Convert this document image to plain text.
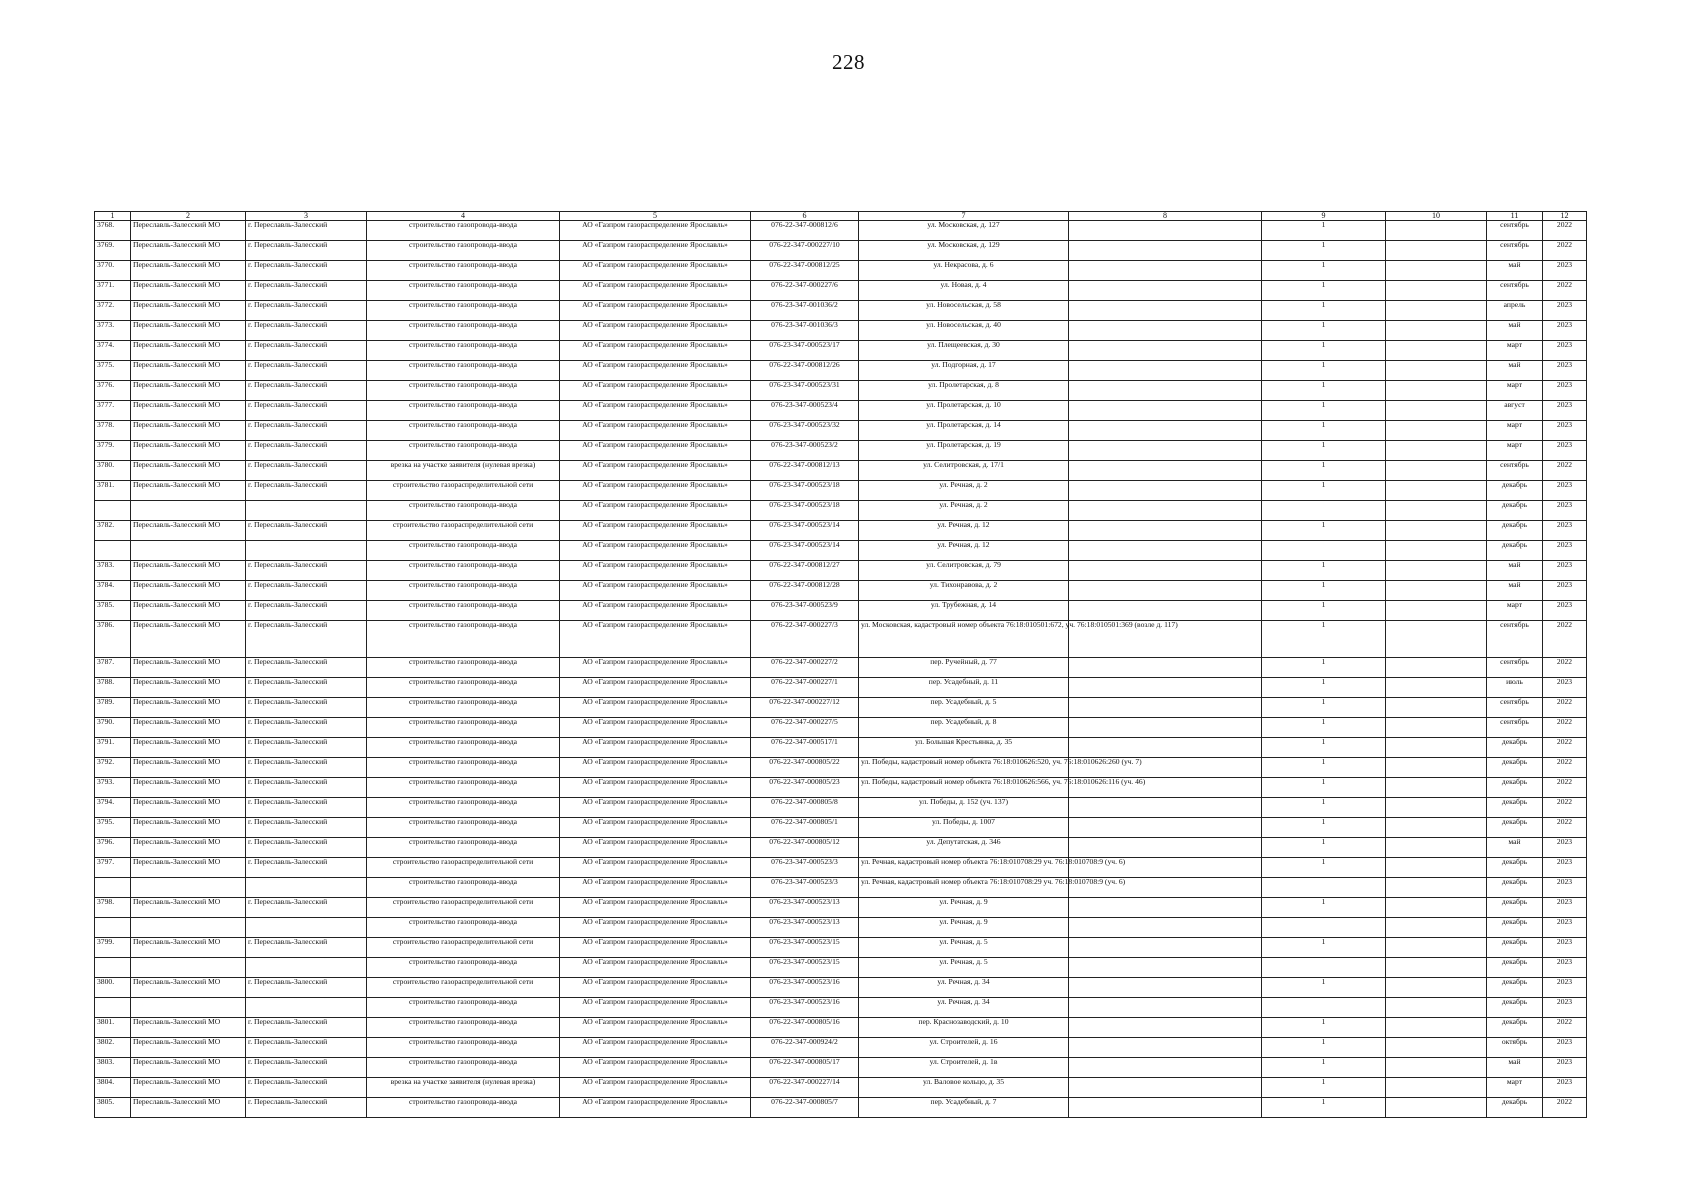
228
1	2	3	4	5	6	7	8	9	10	11	12
3768.	Переславль-Залесский МО	г. Переславль-Залесский	строительство газопровода-ввода	АО «Газпром газораспределение Ярославль»	076-22-347-000812/6	ул. Московская, д. 127		1		сентябрь	2022
3769.	Переславль-Залесский МО	г. Переславль-Залесский	строительство газопровода-ввода	АО «Газпром газораспределение Ярославль»	076-22-347-000227/10	ул. Московская, д. 129		1		сентябрь	2022
3770.	Переславль-Залесский МО	г. Переславль-Залесский	строительство газопровода-ввода	АО «Газпром газораспределение Ярославль»	076-22-347-000812/25	ул. Некрасова, д. 6		1		май	2023
3771.	Переславль-Залесский МО	г. Переславль-Залесский	строительство газопровода-ввода	АО «Газпром газораспределение Ярославль»	076-22-347-000227/6	ул. Новая, д. 4		1		сентябрь	2022
3772.	Переславль-Залесский МО	г. Переславль-Залесский	строительство газопровода-ввода	АО «Газпром газораспределение Ярославль»	076-23-347-001036/2	ул. Новосельская, д. 58		1		апрель	2023
3773.	Переславль-Залесский МО	г. Переславль-Залесский	строительство газопровода-ввода	АО «Газпром газораспределение Ярославль»	076-23-347-001036/3	ул. Новосельская, д. 40		1		май	2023
3774.	Переславль-Залесский МО	г. Переславль-Залесский	строительство газопровода-ввода	АО «Газпром газораспределение Ярославль»	076-23-347-000523/17	ул. Плещеевская, д. 30		1		март	2023
3775.	Переславль-Залесский МО	г. Переславль-Залесский	строительство газопровода-ввода	АО «Газпром газораспределение Ярославль»	076-22-347-000812/26	ул. Подгорная, д. 17		1		май	2023
3776.	Переславль-Залесский МО	г. Переславль-Залесский	строительство газопровода-ввода	АО «Газпром газораспределение Ярославль»	076-23-347-000523/31	ул. Пролетарская, д. 8		1		март	2023
3777.	Переславль-Залесский МО	г. Переславль-Залесский	строительство газопровода-ввода	АО «Газпром газораспределение Ярославль»	076-23-347-000523/4	ул. Пролетарская, д. 10		1		август	2023
3778.	Переславль-Залесский МО	г. Переславль-Залесский	строительство газопровода-ввода	АО «Газпром газораспределение Ярославль»	076-23-347-000523/32	ул. Пролетарская, д. 14		1		март	2023
3779.	Переславль-Залесский МО	г. Переславль-Залесский	строительство газопровода-ввода	АО «Газпром газораспределение Ярославль»	076-23-347-000523/2	ул. Пролетарская, д. 19		1		март	2023
3780.	Переславль-Залесский МО	г. Переславль-Залесский	врезка на участке заявителя (нулевая врезка)	АО «Газпром газораспределение Ярославль»	076-22-347-000812/13	ул. Селитровская, д. 17/1		1		сентябрь	2022
3781.	Переславль-Залесский МО	г. Переславль-Залесский	строительство газораспределительной сети	АО «Газпром газораспределение Ярославль»	076-23-347-000523/18	ул. Речная, д. 2		1		декабрь	2023
			строительство газопровода-ввода	АО «Газпром газораспределение Ярославль»	076-23-347-000523/18	ул. Речная, д. 2				декабрь	2023
3782.	Переславль-Залесский МО	г. Переславль-Залесский	строительство газораспределительной сети	АО «Газпром газораспределение Ярославль»	076-23-347-000523/14	ул. Речная, д. 12		1		декабрь	2023
			строительство газопровода-ввода	АО «Газпром газораспределение Ярославль»	076-23-347-000523/14	ул. Речная, д. 12				декабрь	2023
3783.	Переславль-Залесский МО	г. Переславль-Залесский	строительство газопровода-ввода	АО «Газпром газораспределение Ярославль»	076-22-347-000812/27	ул. Селитровская, д. 79		1		май	2023
3784.	Переславль-Залесский МО	г. Переславль-Залесский	строительство газопровода-ввода	АО «Газпром газораспределение Ярославль»	076-22-347-000812/28	ул. Тихонравова, д. 2		1		май	2023
3785.	Переславль-Залесский МО	г. Переславль-Залесский	строительство газопровода-ввода	АО «Газпром газораспределение Ярославль»	076-23-347-000523/9	ул. Трубежная, д. 14		1		март	2023
3786.	Переславль-Залесский МО	г. Переславль-Залесский	строительство газопровода-ввода	АО «Газпром газораспределение Ярославль»	076-22-347-000227/3	ул. Московская, кадастровый номер объекта 76:18:010501:672, уч. 76:18:010501:369 (возле д. 117)		1		сентябрь	2022
3787.	Переславль-Залесский МО	г. Переславль-Залесский	строительство газопровода-ввода	АО «Газпром газораспределение Ярославль»	076-22-347-000227/2	пер. Ручейный, д. 77		1		сентябрь	2022
3788.	Переславль-Залесский МО	г. Переславль-Залесский	строительство газопровода-ввода	АО «Газпром газораспределение Ярославль»	076-22-347-000227/1	пер. Усадебный, д. 11		1		июль	2023
3789.	Переславль-Залесский МО	г. Переславль-Залесский	строительство газопровода-ввода	АО «Газпром газораспределение Ярославль»	076-22-347-000227/12	пер. Усадебный, д. 5		1		сентябрь	2022
3790.	Переславль-Залесский МО	г. Переславль-Залесский	строительство газопровода-ввода	АО «Газпром газораспределение Ярославль»	076-22-347-000227/5	пер. Усадебный, д. 8		1		сентябрь	2022
3791.	Переславль-Залесский МО	г. Переславль-Залесский	строительство газопровода-ввода	АО «Газпром газораспределение Ярославль»	076-22-347-000517/1	ул. Большая Крестьянка, д. 35		1		декабрь	2022
3792.	Переславль-Залесский МО	г. Переславль-Залесский	строительство газопровода-ввода	АО «Газпром газораспределение Ярославль»	076-22-347-000805/22	ул. Победы, кадастровый номер объекта 76:18:010626:520, уч. 76:18:010626:260 (уч. 7)		1		декабрь	2022
3793.	Переславль-Залесский МО	г. Переславль-Залесский	строительство газопровода-ввода	АО «Газпром газораспределение Ярославль»	076-22-347-000805/23	ул. Победы, кадастровый номер объекта 76:18:010626:566, уч. 76:18:010626:116 (уч. 46)		1		декабрь	2022
3794.	Переславль-Залесский МО	г. Переславль-Залесский	строительство газопровода-ввода	АО «Газпром газораспределение Ярославль»	076-22-347-000805/8	ул. Победы, д. 152 (уч. 137)		1		декабрь	2022
3795.	Переславль-Залесский МО	г. Переславль-Залесский	строительство газопровода-ввода	АО «Газпром газораспределение Ярославль»	076-22-347-000805/1	ул. Победы, д. 1007		1		декабрь	2022
3796.	Переславль-Залесский МО	г. Переславль-Залесский	строительство газопровода-ввода	АО «Газпром газораспределение Ярославль»	076-22-347-000805/12	ул. Депутатская, д. 346		1		май	2023
3797.	Переславль-Залесский МО	г. Переславль-Залесский	строительство газораспределительной сети	АО «Газпром газораспределение Ярославль»	076-23-347-000523/3	ул. Речная, кадастровый номер объекта 76:18:010708:29 уч. 76:18:010708:9 (уч. 6)		1		декабрь	2023
			строительство газопровода-ввода	АО «Газпром газораспределение Ярославль»	076-23-347-000523/3	ул. Речная, кадастровый номер объекта 76:18:010708:29 уч. 76:18:010708:9 (уч. 6)				декабрь	2023
3798.	Переславль-Залесский МО	г. Переславль-Залесский	строительство газораспределительной сети	АО «Газпром газораспределение Ярославль»	076-23-347-000523/13	ул. Речная, д. 9		1		декабрь	2023
			строительство газопровода-ввода	АО «Газпром газораспределение Ярославль»	076-23-347-000523/13	ул. Речная, д. 9				декабрь	2023
3799.	Переславль-Залесский МО	г. Переславль-Залесский	строительство газораспределительной сети	АО «Газпром газораспределение Ярославль»	076-23-347-000523/15	ул. Речная, д. 5		1		декабрь	2023
			строительство газопровода-ввода	АО «Газпром газораспределение Ярославль»	076-23-347-000523/15	ул. Речная, д. 5				декабрь	2023
3800.	Переславль-Залесский МО	г. Переславль-Залесский	строительство газораспределительной сети	АО «Газпром газораспределение Ярославль»	076-23-347-000523/16	ул. Речная, д. 34		1		декабрь	2023
			строительство газопровода-ввода	АО «Газпром газораспределение Ярославль»	076-23-347-000523/16	ул. Речная, д. 34				декабрь	2023
3801.	Переславль-Залесский МО	г. Переславль-Залесский	строительство газопровода-ввода	АО «Газпром газораспределение Ярославль»	076-22-347-000805/16	пер. Краснозаводский, д. 10		1		декабрь	2022
3802.	Переславль-Залесский МО	г. Переславль-Залесский	строительство газопровода-ввода	АО «Газпром газораспределение Ярославль»	076-22-347-000924/2	ул. Строителей, д. 16		1		октябрь	2023
3803.	Переславль-Залесский МО	г. Переславль-Залесский	строительство газопровода-ввода	АО «Газпром газораспределение Ярославль»	076-22-347-000805/17	ул. Строителей, д. 1в		1		май	2023
3804.	Переславль-Залесский МО	г. Переславль-Залесский	врезка на участке заявителя (нулевая врезка)	АО «Газпром газораспределение Ярославль»	076-22-347-000227/14	ул. Валовое кольцо, д. 35		1		март	2023
3805.	Переславль-Залесский МО	г. Переславль-Залесский	строительство газопровода-ввода	АО «Газпром газораспределение Ярославль»	076-22-347-000805/7	пер. Усадебный, д. 7		1		декабрь	2022
